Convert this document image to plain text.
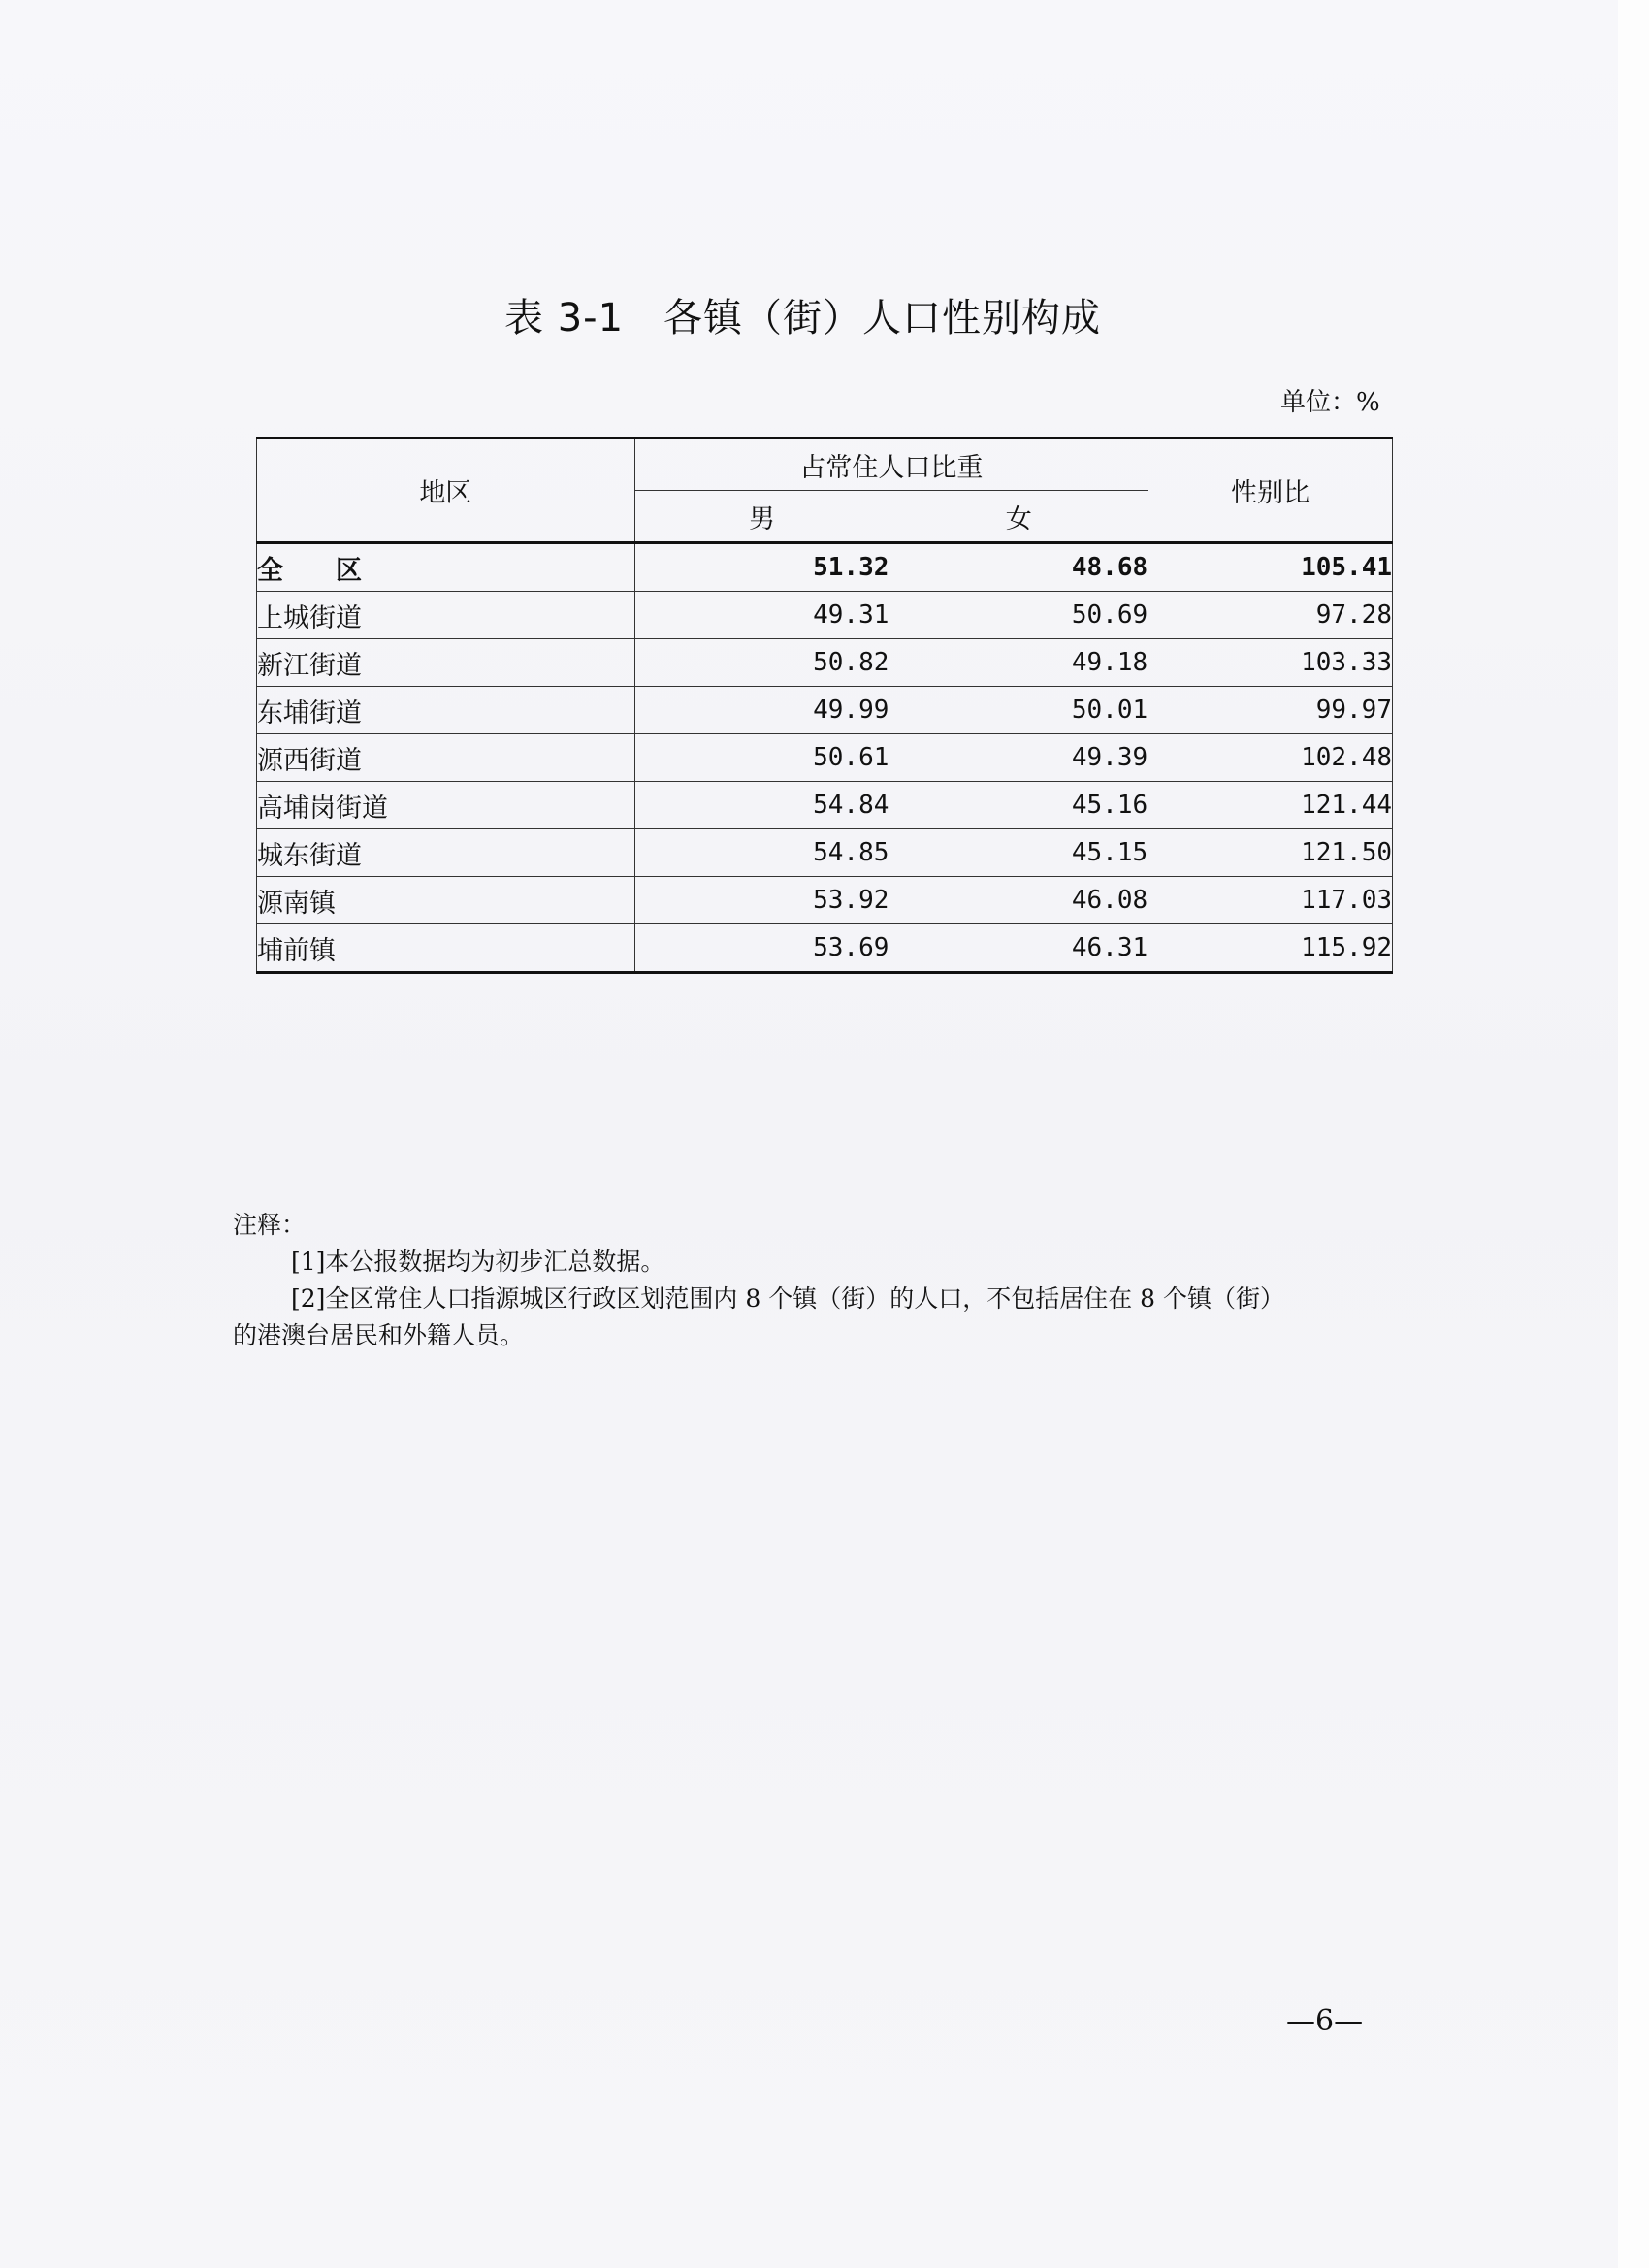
表 3-1　各镇（街）人口性别构成
单位：%
地区	占常住人口比重		性别比
	男	女	
全　　区	51.32	48.68	105.41
上城街道	49.31	50.69	97.28
新江街道	50.82	49.18	103.33
东埔街道	49.99	50.01	99.97
源西街道	50.61	49.39	102.48
高埔岗街道	54.84	45.16	121.44
城东街道	54.85	45.15	121.50
源南镇	53.92	46.08	117.03
埔前镇	53.69	46.31	115.92
注释：
[1]本公报数据均为初步汇总数据。
[2]全区常住人口指源城区行政区划范围内 8 个镇（街）的人口，不包括居住在 8 个镇（街）
的港澳台居民和外籍人员。
—6—
